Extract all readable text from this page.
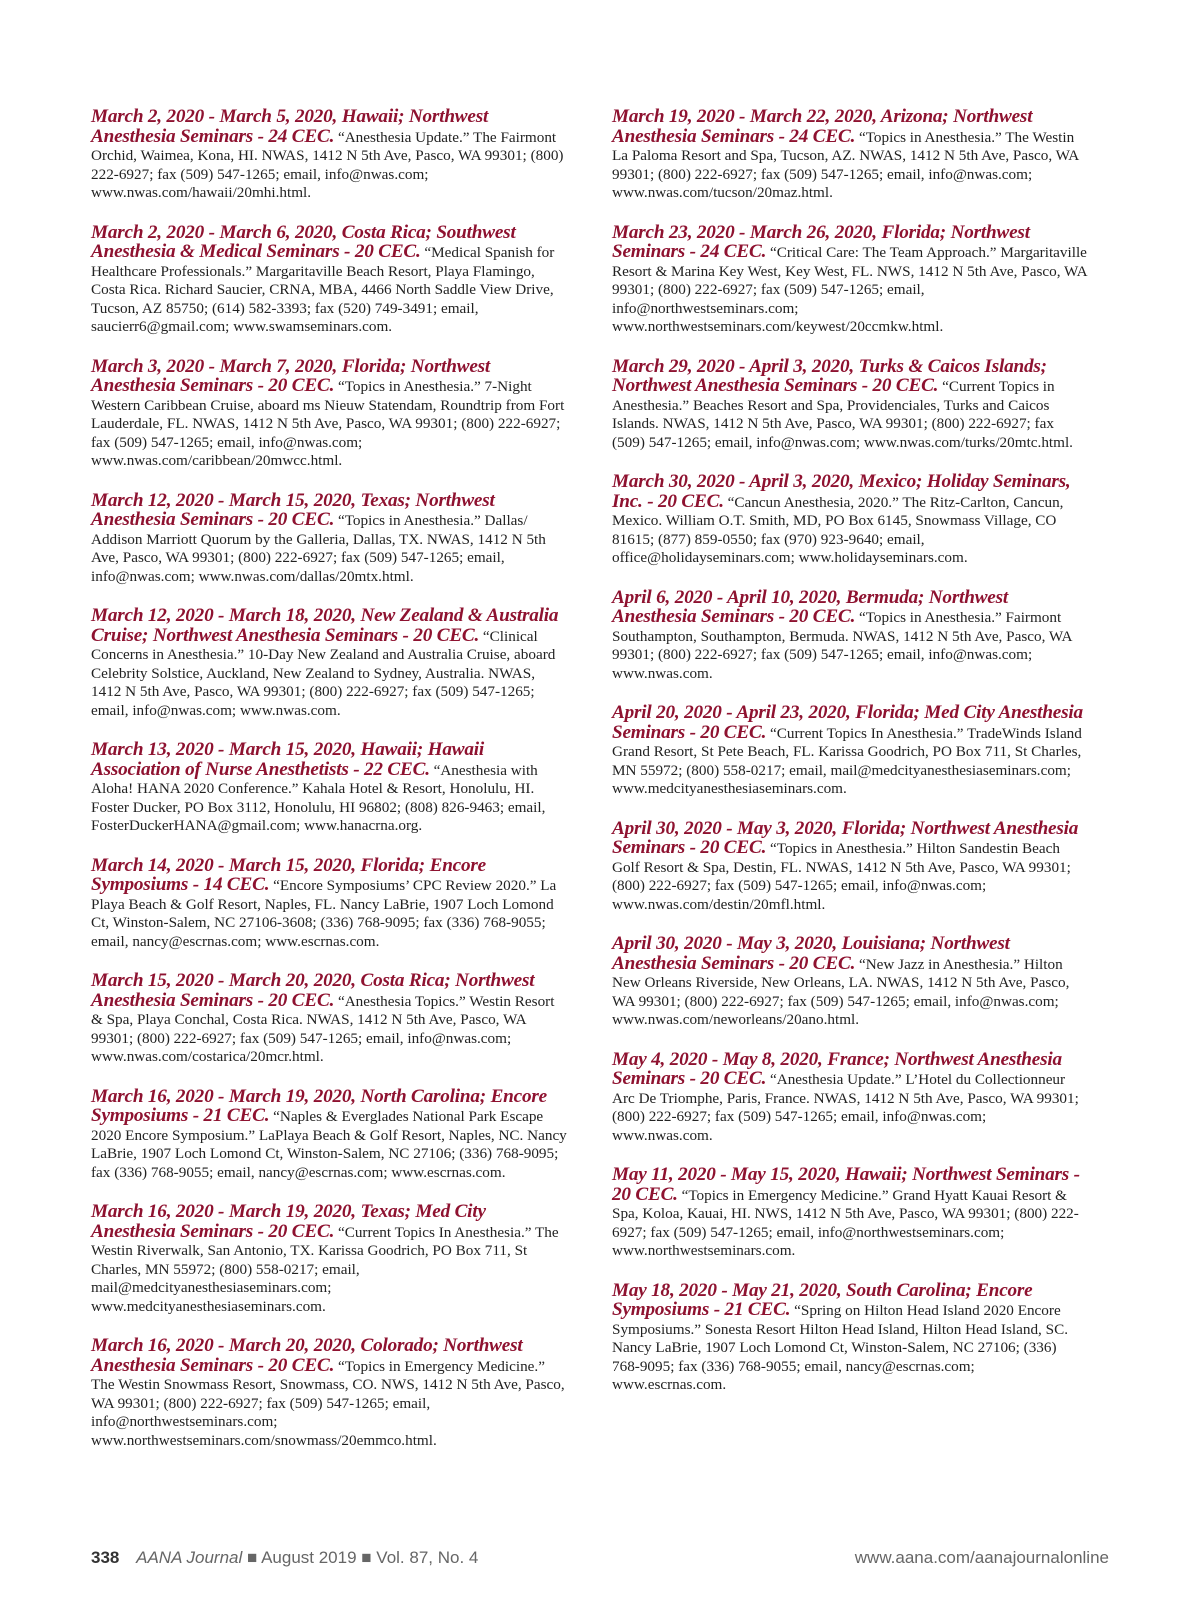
March 2, 2020 - March 5, 2020, Hawaii; Northwest Anesthesia Seminars - 24 CEC. “Anesthesia Update.” The Fairmont Orchid, Waimea, Kona, HI. NWAS, 1412 N 5th Ave, Pasco, WA 99301; (800) 222-6927; fax (509) 547-1265; email, info@nwas.com; www.nwas.com/hawaii/20mhi.html.

March 2, 2020 - March 6, 2020, Costa Rica; Southwest Anesthesia & Medical Seminars - 20 CEC. “Medical Spanish for Healthcare Professionals.” Margaritaville Beach Resort, Playa Flamingo, Costa Rica. Richard Saucier, CRNA, MBA, 4466 North Saddle View Drive, Tucson, AZ 85750; (614) 582-3393; fax (520) 749-3491; email, saucierr6@gmail.com; www.swamseminars.com.

March 3, 2020 - March 7, 2020, Florida; Northwest Anesthesia Seminars - 20 CEC. “Topics in Anesthesia.” 7-Night Western Caribbean Cruise, aboard ms Nieuw Statendam, Roundtrip from Fort Lauderdale, FL. NWAS, 1412 N 5th Ave, Pasco, WA 99301; (800) 222-6927; fax (509) 547-1265; email, info@nwas.com; www.nwas.com/caribbean/20mwcc.html.

March 12, 2020 - March 15, 2020, Texas; Northwest Anesthesia Seminars - 20 CEC. “Topics in Anesthesia.” Dallas/ Addison Marriott Quorum by the Galleria, Dallas, TX. NWAS, 1412 N 5th Ave, Pasco, WA 99301; (800) 222-6927; fax (509) 547-1265; email, info@nwas.com; www.nwas.com/dallas/20mtx.html.

March 12, 2020 - March 18, 2020, New Zealand & Australia Cruise; Northwest Anesthesia Seminars - 20 CEC. “Clinical Concerns in Anesthesia.” 10-Day New Zealand and Australia Cruise, aboard Celebrity Solstice, Auckland, New Zealand to Sydney, Australia. NWAS, 1412 N 5th Ave, Pasco, WA 99301; (800) 222-6927; fax (509) 547-1265; email, info@nwas.com; www.nwas.com.

March 13, 2020 - March 15, 2020, Hawaii; Hawaii Association of Nurse Anesthetists - 22 CEC. “Anesthesia with Aloha! HANA 2020 Conference.” Kahala Hotel & Resort, Honolulu, HI. Foster Ducker, PO Box 3112, Honolulu, HI 96802; (808) 826-9463; email, FosterDuckerHANA@gmail.com; www.hanacrna.org.

March 14, 2020 - March 15, 2020, Florida; Encore Symposiums - 14 CEC. “Encore Symposiums’ CPC Review 2020.” La Playa Beach & Golf Resort, Naples, FL. Nancy LaBrie, 1907 Loch Lomond Ct, Winston-Salem, NC 27106-3608; (336) 768-9095; fax (336) 768-9055; email, nancy@escrnas.com; www.escrnas.com.

March 15, 2020 - March 20, 2020, Costa Rica; Northwest Anesthesia Seminars - 20 CEC. “Anesthesia Topics.” Westin Resort & Spa, Playa Conchal, Costa Rica. NWAS, 1412 N 5th Ave, Pasco, WA 99301; (800) 222-6927; fax (509) 547-1265; email, info@nwas.com; www.nwas.com/costarica/20mcr.html.

March 16, 2020 - March 19, 2020, North Carolina; Encore Symposiums - 21 CEC. “Naples & Everglades National Park Escape 2020 Encore Symposium.” LaPlaya Beach & Golf Resort, Naples, NC. Nancy LaBrie, 1907 Loch Lomond Ct, Winston-Salem, NC 27106; (336) 768-9095; fax (336) 768-9055; email, nancy@escrnas.com; www.escrnas.com.

March 16, 2020 - March 19, 2020, Texas; Med City Anesthesia Seminars - 20 CEC. “Current Topics In Anesthesia.” The Westin Riverwalk, San Antonio, TX. Karissa Goodrich, PO Box 711, St Charles, MN 55972; (800) 558-0217; email, mail@medcityanesthesiaseminars.com; www.medcityanesthesiaseminars.com.

March 16, 2020 - March 20, 2020, Colorado; Northwest Anesthesia Seminars - 20 CEC. “Topics in Emergency Medicine.” The Westin Snowmass Resort, Snowmass, CO. NWS, 1412 N 5th Ave, Pasco, WA 99301; (800) 222-6927; fax (509) 547-1265; email, info@northwestseminars.com; www.northwestseminars.com/snowmass/20emmco.html.

March 19, 2020 - March 22, 2020, Arizona; Northwest Anesthesia Seminars - 24 CEC. “Topics in Anesthesia.” The Westin La Paloma Resort and Spa, Tucson, AZ. NWAS, 1412 N 5th Ave, Pasco, WA 99301; (800) 222-6927; fax (509) 547-1265; email, info@nwas.com; www.nwas.com/tucson/20maz.html.

March 23, 2020 - March 26, 2020, Florida; Northwest Seminars - 24 CEC. “Critical Care: The Team Approach.” Margaritaville Resort & Marina Key West, Key West, FL. NWS, 1412 N 5th Ave, Pasco, WA 99301; (800) 222-6927; fax (509) 547-1265; email, info@northwestseminars.com; www.northwestseminars.com/keywest/20ccmkw.html.

March 29, 2020 - April 3, 2020, Turks & Caicos Islands; Northwest Anesthesia Seminars - 20 CEC. “Current Topics in Anesthesia.” Beaches Resort and Spa, Providenciales, Turks and Caicos Islands. NWAS, 1412 N 5th Ave, Pasco, WA 99301; (800) 222-6927; fax (509) 547-1265; email, info@nwas.com; www.nwas.com/turks/20mtc.html.

March 30, 2020 - April 3, 2020, Mexico; Holiday Seminars, Inc. - 20 CEC. “Cancun Anesthesia, 2020.” The Ritz-Carlton, Cancun, Mexico. William O.T. Smith, MD, PO Box 6145, Snowmass Village, CO 81615; (877) 859-0550; fax (970) 923-9640; email, office@holidayseminars.com; www.holidayseminars.com.

April 6, 2020 - April 10, 2020, Bermuda; Northwest Anesthesia Seminars - 20 CEC. “Topics in Anesthesia.” Fairmont Southampton, Southampton, Bermuda. NWAS, 1412 N 5th Ave, Pasco, WA 99301; (800) 222-6927; fax (509) 547-1265; email, info@nwas.com; www.nwas.com.

April 20, 2020 - April 23, 2020, Florida; Med City Anesthesia Seminars - 20 CEC. “Current Topics In Anesthesia.” TradeWinds Island Grand Resort, St Pete Beach, FL. Karissa Goodrich, PO Box 711, St Charles, MN 55972; (800) 558-0217; email, mail@medcityanesthesiaseminars.com; www.medcityanesthesiaseminars.com.

April 30, 2020 - May 3, 2020, Florida; Northwest Anesthesia Seminars - 20 CEC. “Topics in Anesthesia.” Hilton Sandestin Beach Golf Resort & Spa, Destin, FL. NWAS, 1412 N 5th Ave, Pasco, WA 99301; (800) 222-6927; fax (509) 547-1265; email, info@nwas.com; www.nwas.com/destin/20mfl.html.

April 30, 2020 - May 3, 2020, Louisiana; Northwest Anesthesia Seminars - 20 CEC. “New Jazz in Anesthesia.” Hilton New Orleans Riverside, New Orleans, LA. NWAS, 1412 N 5th Ave, Pasco, WA 99301; (800) 222-6927; fax (509) 547-1265; email, info@nwas.com; www.nwas.com/neworleans/20ano.html.

May 4, 2020 - May 8, 2020, France; Northwest Anesthesia Seminars - 20 CEC. “Anesthesia Update.” L’Hotel du Collectionneur Arc De Triomphe, Paris, France. NWAS, 1412 N 5th Ave, Pasco, WA 99301; (800) 222-6927; fax (509) 547-1265; email, info@nwas.com; www.nwas.com.

May 11, 2020 - May 15, 2020, Hawaii; Northwest Seminars - 20 CEC. “Topics in Emergency Medicine.” Grand Hyatt Kauai Resort & Spa, Koloa, Kauai, HI. NWS, 1412 N 5th Ave, Pasco, WA 99301; (800) 222-6927; fax (509) 547-1265; email, info@northwestseminars.com; www.northwestseminars.com.

May 18, 2020 - May 21, 2020, South Carolina; Encore Symposiums - 21 CEC. “Spring on Hilton Head Island 2020 Encore Symposiums.” Sonesta Resort Hilton Head Island, Hilton Head Island, SC. Nancy LaBrie, 1907 Loch Lomond Ct, Winston-Salem, NC 27106; (336) 768-9095; fax (336) 768-9055; email, nancy@escrnas.com; www.escrnas.com.

338 AANA Journal ■ August 2019 ■ Vol. 87, No. 4	www.aana.com/aanajournalonline
